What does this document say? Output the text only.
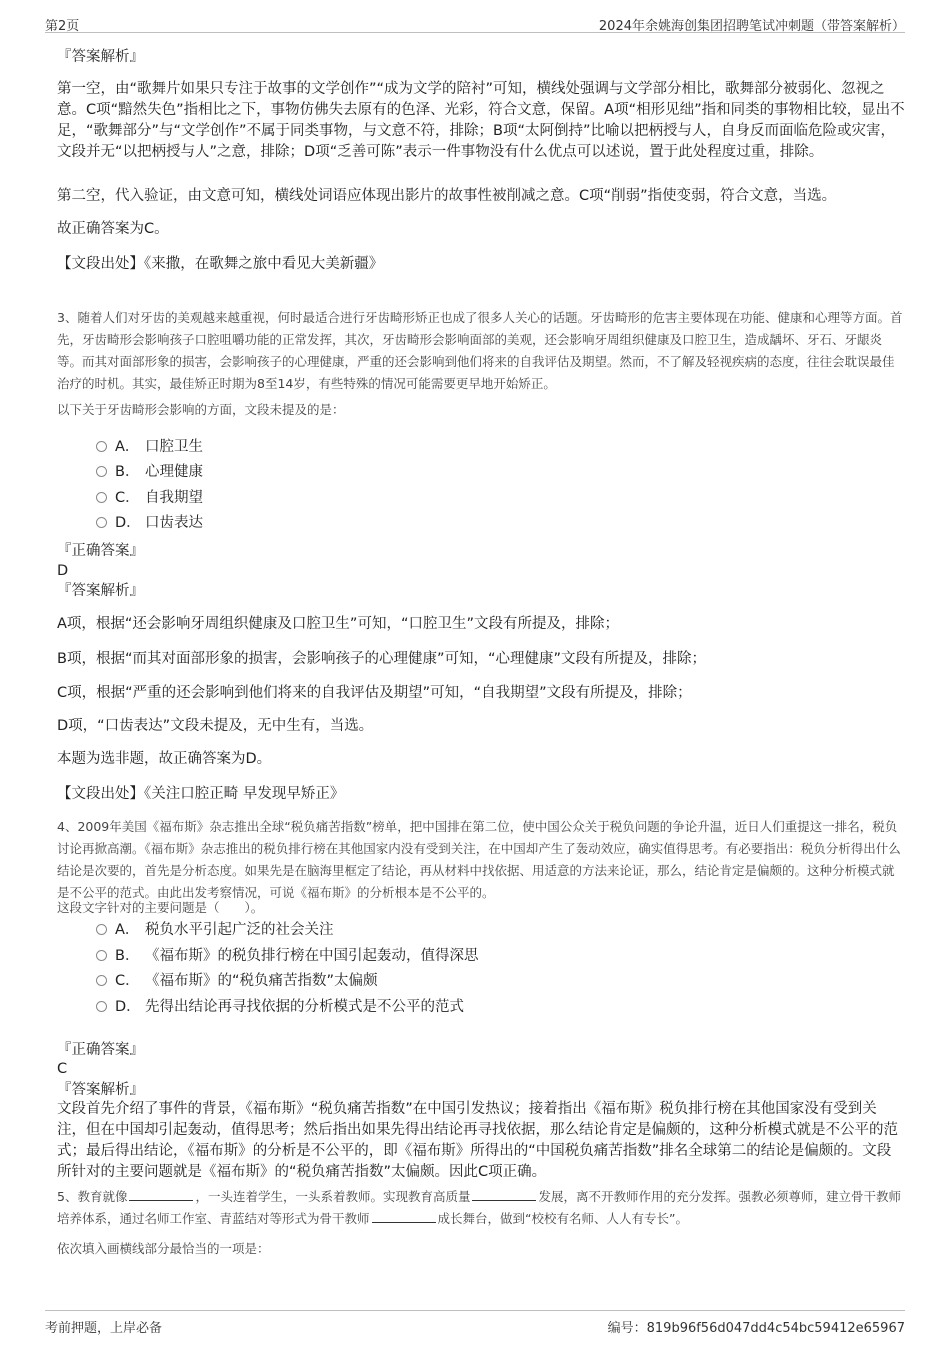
第2页	2024年余姚海创集团招聘笔试冲刺题（带答案解析）

『答案解析』

第一空，由“歌舞片如果只专注于故事的文学创作”“成为文学的陪衬”可知，横线处强调与文学部分相比，歌舞部分被弱化、忽视之意。C项“黯然失色”指相比之下，事物仿佛失去原有的色泽、光彩，符合文意，保留。A项“相形见绌”指和同类的事物相比较，显出不足，“歌舞部分”与“文学创作”不属于同类事物，与文意不符，排除；B项“太阿倒持”比喻以把柄授与人，自身反而面临危险或灾害，文段并无“以把柄授与人”之意，排除；D项“乏善可陈”表示一件事物没有什么优点可以述说，置于此处程度过重，排除。

第二空，代入验证，由文意可知，横线处词语应体现出影片的故事性被削减之意。C项“削弱”指使变弱，符合文意，当选。

故正确答案为C。

【文段出处】《来撒，在歌舞之旅中看见大美新疆》

3、随着人们对牙齿的美观越来越重视，何时最适合进行牙齿畸形矫正也成了很多人关心的话题。牙齿畸形的危害主要体现在功能、健康和心理等方面。首先，牙齿畸形会影响孩子口腔咀嚼功能的正常发挥，其次，牙齿畸形会影响面部的美观，还会影响牙周组织健康及口腔卫生，造成龋坏、牙石、牙龈炎等。而其对面部形象的损害，会影响孩子的心理健康，严重的还会影响到他们将来的自我评估及期望。然而，不了解及轻视疾病的态度，往往会耽误最佳治疗的时机。其实，最佳矫正时期为8至14岁，有些特殊的情况可能需要更早地开始矫正。

以下关于牙齿畸形会影响的方面，文段未提及的是：

A． 口腔卫生
B． 心理健康
C． 自我期望
D． 口齿表达

『正确答案』

D

『答案解析』

A项，根据“还会影响牙周组织健康及口腔卫生”可知，“口腔卫生”文段有所提及，排除；

B项，根据“而其对面部形象的损害，会影响孩子的心理健康”可知，“心理健康”文段有所提及，排除；

C项，根据“严重的还会影响到他们将来的自我评估及期望”可知，“自我期望”文段有所提及，排除；

D项，“口齿表达”文段未提及，无中生有，当选。

本题为选非题，故正确答案为D。

【文段出处】《关注口腔正畸 早发现早矫正》

4、2009年美国《福布斯》杂志推出全球“税负痛苦指数”榜单，把中国排在第二位，使中国公众关于税负问题的争论升温，近日人们重提这一排名，税负讨论再掀高潮。《福布斯》杂志推出的税负排行榜在其他国家内没有受到关注，在中国却产生了轰动效应，确实值得思考。有必要指出：税负分析得出什么结论是次要的，首先是分析态度。如果先是在脑海里框定了结论，再从材料中找依据、用适意的方法来论证，那么，结论肯定是偏颇的。这种分析模式就是不公平的范式。由此出发考察情况，可说《福布斯》的分析根本是不公平的。

这段文字针对的主要问题是（　　）。

A． 税负水平引起广泛的社会关注
B． 《福布斯》的税负排行榜在中国引起轰动，值得深思
C． 《福布斯》的“税负痛苦指数”太偏颇
D． 先得出结论再寻找依据的分析模式是不公平的范式

『正确答案』

C

『答案解析』

文段首先介绍了事件的背景，《福布斯》“税负痛苦指数”在中国引发热议；接着指出《福布斯》税负排行榜在其他国家没有受到关注，但在中国却引起轰动，值得思考；然后指出如果先得出结论再寻找依据，那么结论肯定是偏颇的，这种分析模式就是不公平的范式；最后得出结论，《福布斯》的分析是不公平的，即《福布斯》所得出的“中国税负痛苦指数”排名全球第二的结论是偏颇的。文段所针对的主要问题就是《福布斯》的“税负痛苦指数”太偏颇。因此C项正确。

5、教育就像	，一头连着学生，一头系着教师。实现教育高质量	发展，离不开教师作用的充分发挥。强教必须尊师，建立骨干教师培养体系，通过名师工作室、青蓝结对等形式为骨干教师	成长舞台，做到“校校有名师、人人有专长”。

依次填入画横线部分最恰当的一项是：

考前押题，上岸必备	编号：819b96f56d047dd4c54bc59412e65967
